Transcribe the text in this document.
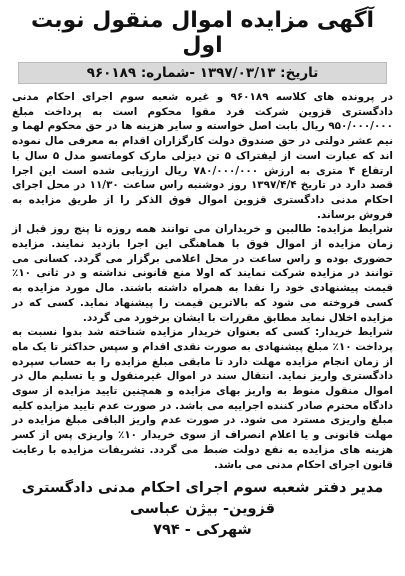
آگهی مزایده اموال منقول نوبت اول
تاریخ: ۱۳۹۷/۰۳/۱۳ -شماره: ۹۶۰۱۸۹

در پرونده های کلاسه ۹۶۰۱۸۹ و غیره شعبه سوم اجرای احکام مدنی دادگستری قزوین شرکت فرد مقوا محکوم است به پرداخت مبلغ ۹۵۰/۰۰۰/۰۰۰ ریال بابت اصل خواسته و سایر هزینه ها در حق محکوم لهما و نیم عشر دولتی در حق صندوق دولت کارگزاران اقدام به معرفی مال نموده اند که عبارت است از لیفتراک ۵ تن دیزلی مارک کوماتسو مدل ۵ سال با ارتفاع ۴ متری به ارزش ۷۸۰/۰۰۰/۰۰۰ ریال ارزیابی شده است این اجرا قصد دارد در تاریخ ۱۳۹۷/۴/۴ روز دوشنبه راس ساعت ۱۱/۳۰ در محل اجرای احکام مدنی دادگستری قزوین اموال فوق الذکر را از طریق مزایده به فروش برساند.

شرایط مزایده: طالبین و خریداران می توانند همه روزه تا پنج روز قبل از زمان مزایده از اموال فوق با هماهنگی این اجرا بازدید نمایند. مزایده حضوری بوده و راس ساعت در محل اعلامی برگزار می گردد. کسانی می توانند در مزایده شرکت نمایند که اولا منع قانونی نداشته و در ثانی ۱۰٪ قیمت پیشنهادی خود را نقدا به همراه داشته باشند. مال مورد مزایده به کسی فروخته می شود که بالاترین قیمت را پیشنهاد نماید. کسی که در مزایده اخلال نماید مطابق مقررات با ایشان برخورد می گردد.

شرایط خریدار: کسی که بعنوان خریدار مزایده شناخته شد بدوا نسبت به پرداخت ۱۰٪ مبلغ پیشنهادی به صورت نقدی اقدام و سپس حداکثر تا یک ماه از زمان انجام مزایده مهلت دارد تا مابقی مبلغ مزایده را به حساب سپرده دادگستری واریز نماید. انتقال سند در اموال غیرمنقول و یا تسلیم مال در اموال منقول منوط به واریز بهای مزایده و همچنین تایید مزایده از سوی دادگاه محترم صادر کننده اجراییه می باشد. در صورت عدم تایید مزایده کلیه مبلغ واریزی مسترد می شود. در صورت عدم واریز الباقی مبلغ مزایده در مهلت قانونی و یا اعلام انصراف از سوی خریدار ۱۰٪ واریزی پس از کسر هزینه های مزایده به نفع دولت ضبط می گردد. تشریفات مزایده با رعایت قانون اجرای احکام مدنی می باشد.

مدیر دفتر شعبه سوم اجرای احکام مدنی دادگستری قزوین- بیژن عباسی
شهرکی - ۷۹۴
